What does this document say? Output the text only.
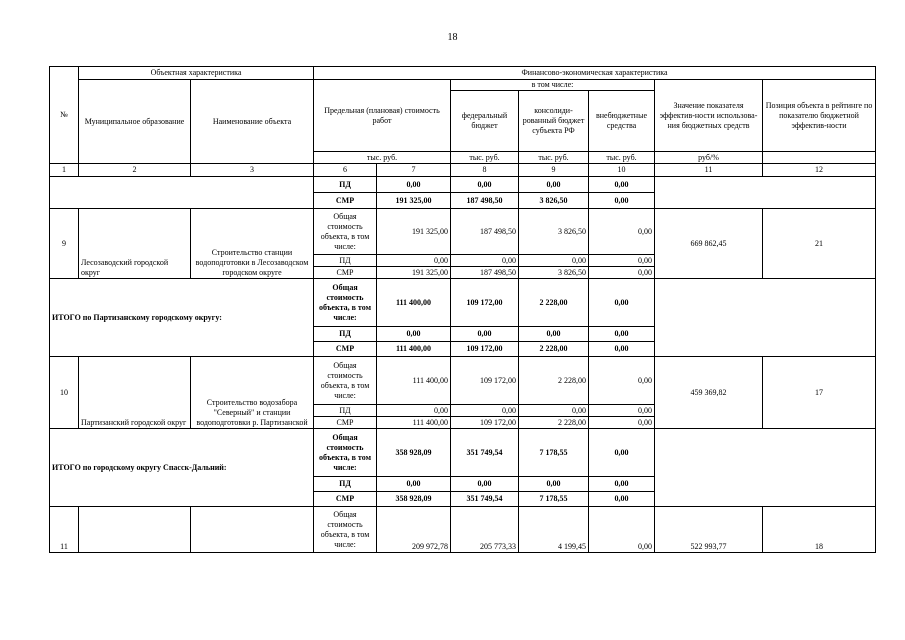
18
№	Объектная характеристика		Финансово-экономическая характеристика						
	Муниципальное образование	Наименование объекта	Предельная (плановая) стоимость работ		в том числе:			Значение показателя эффектив-ности использова-ния бюджетных средств	Позиция объекта в рейтинге по показателю бюджетной эффектив-ности
					федеральный бюджет	консолиди-рованный бюджет субъекта РФ	внебюджетные средства		
			тыс. руб.		тыс. руб.	тыс. руб.	тыс. руб.	руб/%	
1	2	3	6	7	8	9	10	11	12
			ПД	0,00	0,00	0,00	0,00		
			СМР	191 325,00	187 498,50	3 826,50	0,00		
9	Лесозаводский городской округ	Строительство станции водоподготовки в Лесозаводском городском округе	Общая стоимость объекта, в том числе:	191 325,00	187 498,50	3 826,50	0,00	669 862,45	21
			ПД	0,00	0,00	0,00	0,00		
			СМР	191 325,00	187 498,50	3 826,50	0,00		
ИТОГО по Партизанскому городскому округу:			Общая стоимость объекта, в том числе:	111 400,00	109 172,00	2 228,00	0,00		
			ПД	0,00	0,00	0,00	0,00		
			СМР	111 400,00	109 172,00	2 228,00	0,00		
10	Партизанский городской округ	Строительство водозабора "Северный" и станции водоподготовки р. Партизанской	Общая стоимость объекта, в том числе:	111 400,00	109 172,00	2 228,00	0,00	459 369,82	17
			ПД	0,00	0,00	0,00	0,00		
			СМР	111 400,00	109 172,00	2 228,00	0,00		
ИТОГО по городскому округу Спасск-Дальний:			Общая стоимость объекта, в том числе:	358 928,09	351 749,54	7 178,55	0,00		
			ПД	0,00	0,00	0,00	0,00		
			СМР	358 928,09	351 749,54	7 178,55	0,00		
11			Общая стоимость объекта, в том числе:	209 972,78	205 773,33	4 199,45	0,00	522 993,77	18
